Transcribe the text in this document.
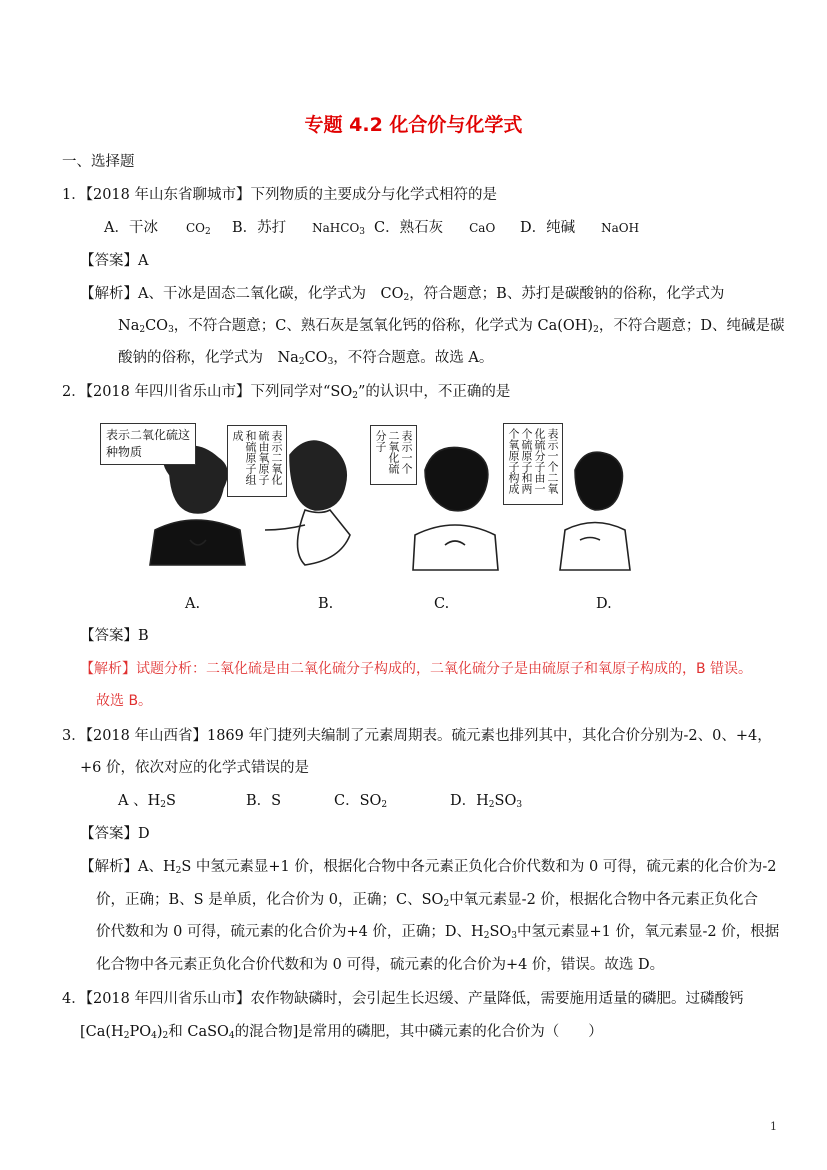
专题 4.2 化合价与化学式
一、选择题
1．【2018 年山东省聊城市】下列物质的主要成分与化学式相符的是
A．干冰 $CO_2$ B．苏打 NaHCO$_3$ C．熟石灰 CaO D．纯碱 NaOH
【答案】A
【解析】A、干冰是固态二氧化碳，化学式为　$CO_2$，符合题意；B、苏打是碳酸钠的俗称，化学式为
$Na_2CO_3$，不符合题意；C、熟石灰是氢氧化钙的俗称，化学式为 $Ca(OH)_2$，不符合题意；D、纯碱是碳
酸钠的俗称，化学式为　$Na_2CO_3$，不符合题意。故选 A。
2．【2018 年四川省乐山市】下列同学对“$SO_2$”的认识中，不正确的是
表示二氧化硫这种物质	表示二氧化硫由氧原子和硫原子组成	表示一个二氧化硫分子	表示一个二氧化硫分子由一个硫原子和两个氧原子构成
A.	B.	C.	D.
【答案】B
【解析】试题分析：二氧化硫是由二氧化硫分子构成的，二氧化硫分子是由硫原子和氧原子构成的，B 错误。
故选 B。
3．【2018 年山西省】1869 年门捷列夫编制了元素周期表。硫元素也排列其中，其化合价分别为-2、0、+4，
+6 价，依次对应的化学式错误的是
A 、$H_2S$	B．S	C．$SO_2$	D．$H_2SO_3$
【答案】D
【解析】A、$H_2S$ 中氢元素显+1 价，根据化合物中各元素正负化合价代数和为 0 可得，硫元素的化合价为-2
价，正确；B、S 是单质，化合价为 0，正确；C、$SO_2$中氧元素显-2 价，根据化合物中各元素正负化合
价代数和为 0 可得，硫元素的化合价为+4 价，正确；D、$H_2SO_3$中氢元素显+1 价，氧元素显-2 价，根据
化合物中各元素正负化合价代数和为 0 可得，硫元素的化合价为+4 价，错误。故选 D。
4．【2018 年四川省乐山市】农作物缺磷时，会引起生长迟缓、产量降低，需要施用适量的磷肥。过磷酸钙
[$Ca(H_2PO_4)_2$和 CaSO$_4$的混合物]是常用的磷肥，其中磷元素的化合价为（　　）
1
